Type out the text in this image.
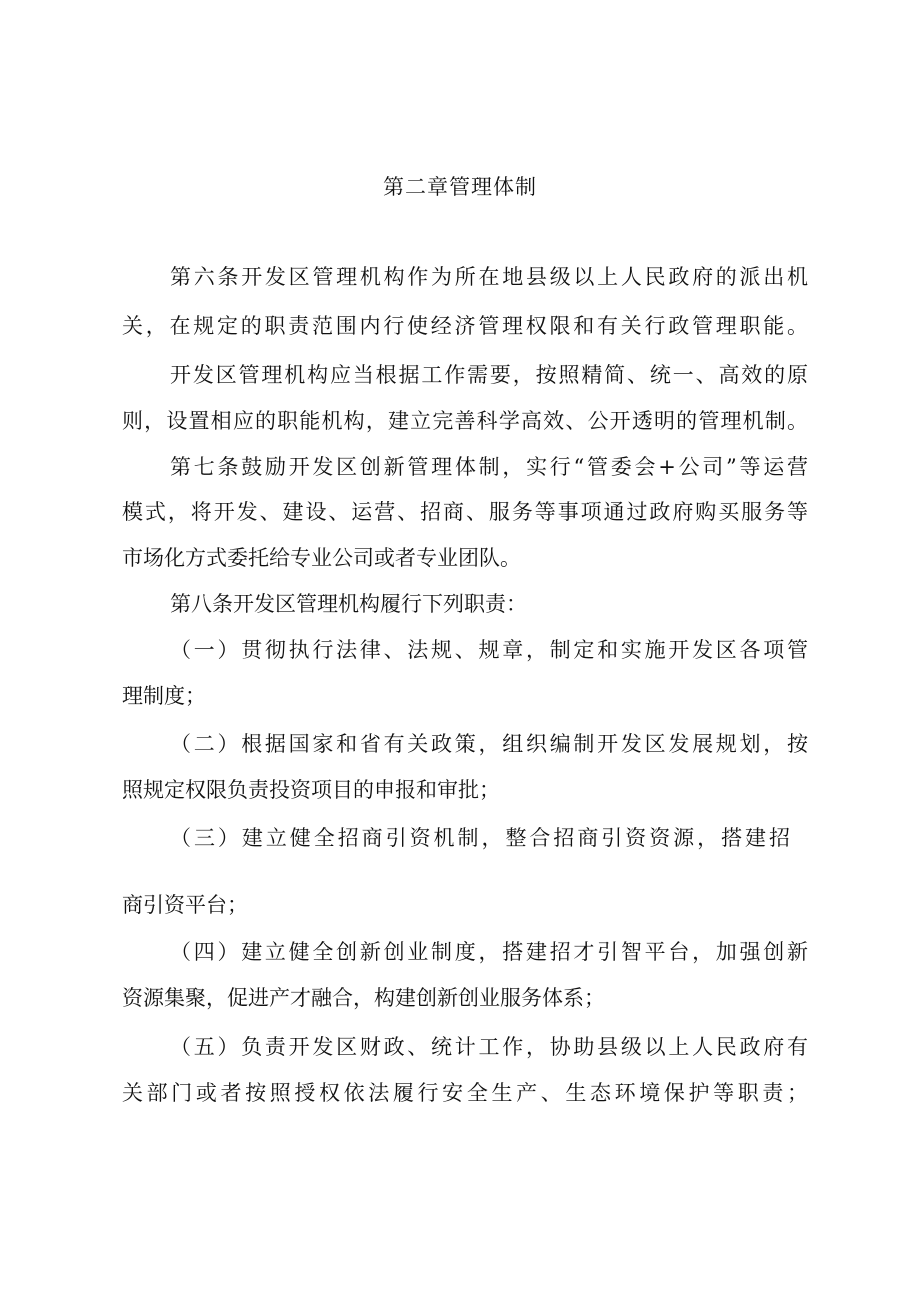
第二章管理体制
第六条开发区管理机构作为所在地县级以上人民政府的派出机
关，在规定的职责范围内行使经济管理权限和有关行政管理职能。
开发区管理机构应当根据工作需要，按照精简、统一、高效的原
则，设置相应的职能机构，建立完善科学高效、公开透明的管理机制。
第七条鼓励开发区创新管理体制，实行“管委会+公司”等运营
模式，将开发、建设、运营、招商、服务等事项通过政府购买服务等
市场化方式委托给专业公司或者专业团队。
第八条开发区管理机构履行下列职责：
（一）贯彻执行法律、法规、规章，制定和实施开发区各项管
理制度；
（二）根据国家和省有关政策，组织编制开发区发展规划，按
照规定权限负责投资项目的申报和审批；
（三）建立健全招商引资机制，整合招商引资资源，搭建招
商引资平台；
（四）建立健全创新创业制度，搭建招才引智平台，加强创新
资源集聚，促进产才融合，构建创新创业服务体系；
（五）负责开发区财政、统计工作，协助县级以上人民政府有
关部门或者按照授权依法履行安全生产、生态环境保护等职责；
